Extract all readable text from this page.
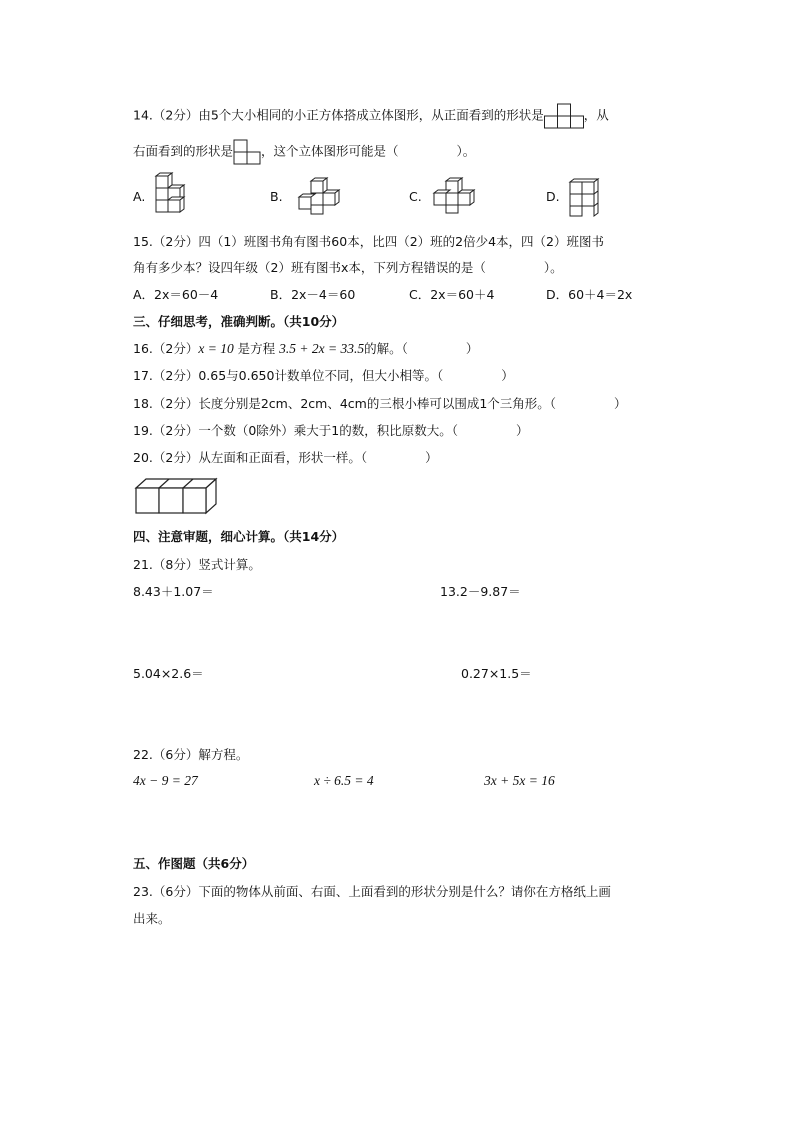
14.（2分）由5个大小相同的小正方体搭成立体图形，从正面看到的形状是	，从
右面看到的形状是 ，这个立体图形可能是（	）。
A.	B.	C.	D.
15.（2分）四（1）班图书角有图书60本，比四（2）班的2倍少4本，四（2）班图书
角有多少本？设四年级（2）班有图书x本，下列方程错误的是（	）。
A．2x＝60－4	B．2x－4＝60	C．2x＝60＋4	D．60＋4＝2x
三、仔细思考，准确判断。（共10分）
16.（2分）x = 10 是方程 3.5 + 2x = 33.5的解。（	）
17.（2分）0.65与0.650计数单位不同，但大小相等。（	）
18.（2分）长度分别是2cm、2cm、4cm的三根小棒可以围成1个三角形。（	）
19.（2分）一个数（0除外）乘大于1的数，积比原数大。（	）
20.（2分）从左面和正面看，形状一样。（	）
四、注意审题，细心计算。（共14分）
21.（8分）竖式计算。
8.43＋1.07＝	13.2－9.87＝
5.04×2.6＝	0.27×1.5＝
22.（6分）解方程。
4x − 9 = 27	x ÷ 6.5 = 4	3x + 5x = 16
五、作图题（共6分）
23.（6分）下面的物体从前面、右面、上面看到的形状分别是什么？请你在方格纸上画
出来。
